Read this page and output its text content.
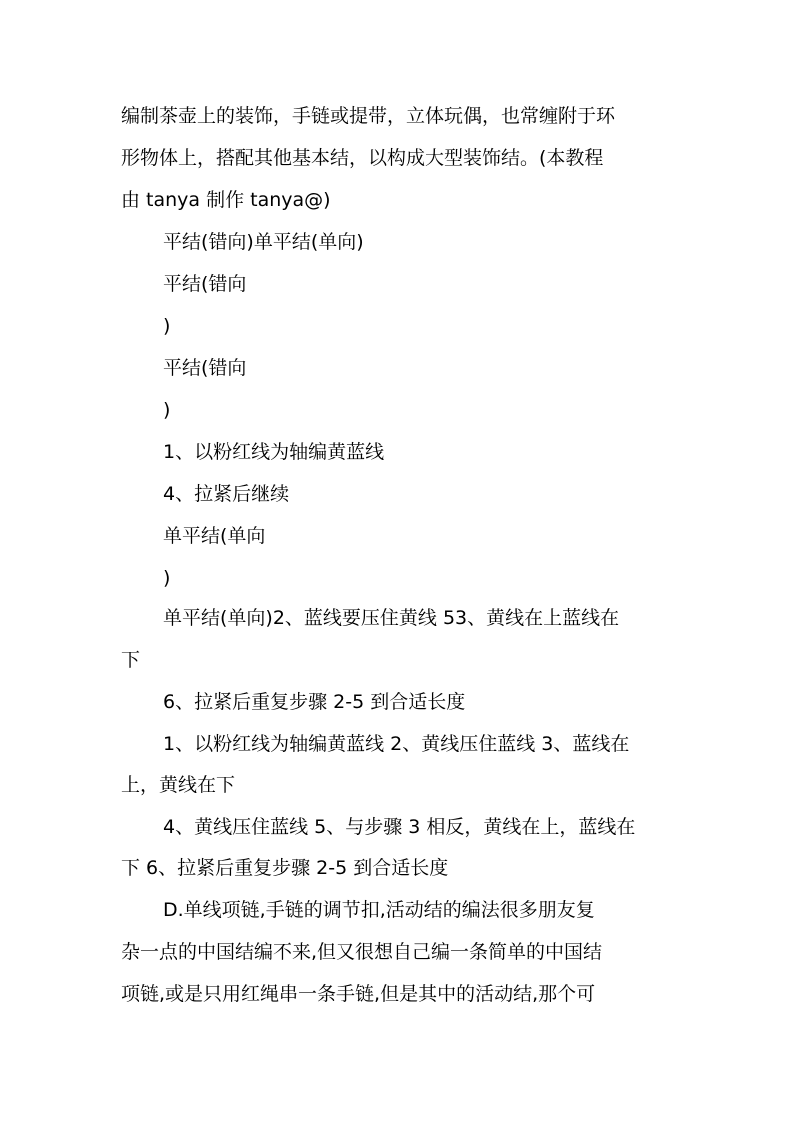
编制茶壶上的装饰，手链或提带，立体玩偶，也常缠附于环
形物体上，搭配其他基本结，以构成大型装饰结。(本教程
由 tanya 制作 tanya@)
平结(错向)单平结(单向)
平结(错向
)
平结(错向
)
1、以粉红线为轴编黄蓝线
4、拉紧后继续
单平结(单向
)
单平结(单向)2、蓝线要压住黄线 53、黄线在上蓝线在
下
6、拉紧后重复步骤 2-5 到合适长度
1、以粉红线为轴编黄蓝线 2、黄线压住蓝线 3、蓝线在
上，黄线在下
4、黄线压住蓝线 5、与步骤 3 相反，黄线在上，蓝线在
下 6、拉紧后重复步骤 2-5 到合适长度
D.单线项链,手链的调节扣,活动结的编法很多朋友复
杂一点的中国结编不来,但又很想自己编一条简单的中国结
项链,或是只用红绳串一条手链,但是其中的活动结,那个可
